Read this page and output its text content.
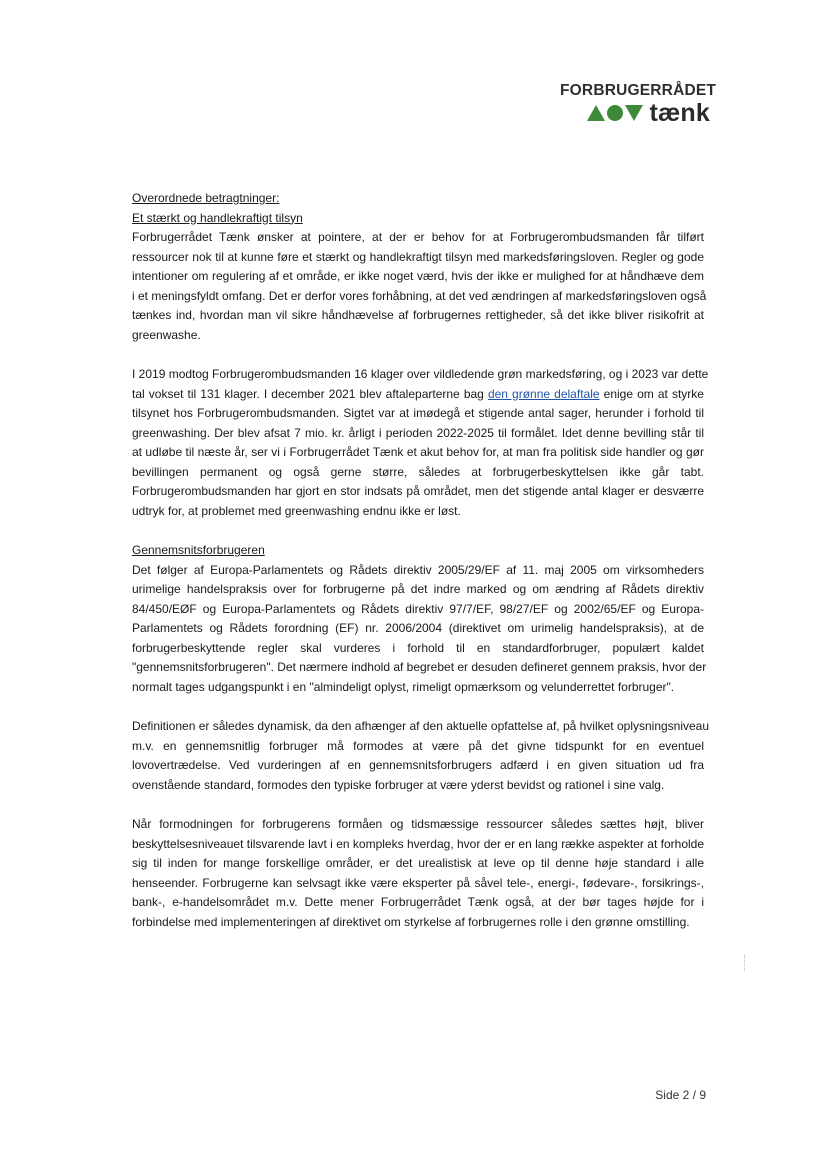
FORBRUGERRÅDET
tænk
Overordnede betragtninger:
Et stærkt og handlekraftigt tilsyn
Forbrugerrådet Tænk ønsker at pointere, at der er behov for at Forbrugerombudsmanden får tilført
ressourcer nok til at kunne føre et stærkt og handlekraftigt tilsyn med markedsføringsloven. Regler og gode
intentioner om regulering af et område, er ikke noget værd, hvis der ikke er mulighed for at håndhæve dem
i et meningsfyldt omfang. Det er derfor vores forhåbning, at det ved ændringen af markedsføringsloven også
tænkes ind, hvordan man vil sikre håndhævelse af forbrugernes rettigheder, så det ikke bliver risikofrit at
greenwashe.
I 2019 modtog Forbrugerombudsmanden 16 klager over vildledende grøn markedsføring, og i 2023 var dette
tal vokset til 131 klager. I december 2021 blev aftaleparterne bag den grønne delaftale enige om at styrke
tilsynet hos Forbrugerombudsmanden. Sigtet var at imødegå et stigende antal sager, herunder i forhold til
greenwashing. Der blev afsat 7 mio. kr. årligt i perioden 2022-2025 til formålet. Idet denne bevilling står til
at udløbe til næste år, ser vi i Forbrugerrådet Tænk et akut behov for, at man fra politisk side handler og gør
bevillingen permanent og også gerne større, således at forbrugerbeskyttelsen ikke går tabt.
Forbrugerombudsmanden har gjort en stor indsats på området, men det stigende antal klager er desværre
udtryk for, at problemet med greenwashing endnu ikke er løst.
Gennemsnitsforbrugeren
Det følger af Europa-Parlamentets og Rådets direktiv 2005/29/EF af 11. maj 2005 om virksomheders
urimelige handelspraksis over for forbrugerne på det indre marked og om ændring af Rådets direktiv
84/450/EØF og Europa-Parlamentets og Rådets direktiv 97/7/EF, 98/27/EF og 2002/65/EF og Europa-
Parlamentets og Rådets forordning (EF) nr. 2006/2004 (direktivet om urimelig handelspraksis), at de
forbrugerbeskyttende regler skal vurderes i forhold til en standardforbruger, populært kaldet
"gennemsnitsforbrugeren". Det nærmere indhold af begrebet er desuden defineret gennem praksis, hvor der
normalt tages udgangspunkt i en "almindeligt oplyst, rimeligt opmærksom og velunderrettet forbruger".
Definitionen er således dynamisk, da den afhænger af den aktuelle opfattelse af, på hvilket oplysningsniveau
m.v. en gennemsnitlig forbruger må formodes at være på det givne tidspunkt for en eventuel
lovovertrædelse. Ved vurderingen af en gennemsnitsforbrugers adfærd i en given situation ud fra
ovenstående standard, formodes den typiske forbruger at være yderst bevidst og rationel i sine valg.
Når formodningen for forbrugerens formåen og tidsmæssige ressourcer således sættes højt, bliver
beskyttelsesniveauet tilsvarende lavt i en kompleks hverdag, hvor der er en lang række aspekter at forholde
sig til inden for mange forskellige områder, er det urealistisk at leve op til denne høje standard i alle
henseender. Forbrugerne kan selvsagt ikke være eksperter på såvel tele-, energi-, fødevare-, forsikrings-,
bank-, e-handelsområdet m.v. Dette mener Forbrugerrådet Tænk også, at der bør tages højde for i
forbindelse med implementeringen af direktivet om styrkelse af forbrugernes rolle i den grønne omstilling.
Side 2 / 9
